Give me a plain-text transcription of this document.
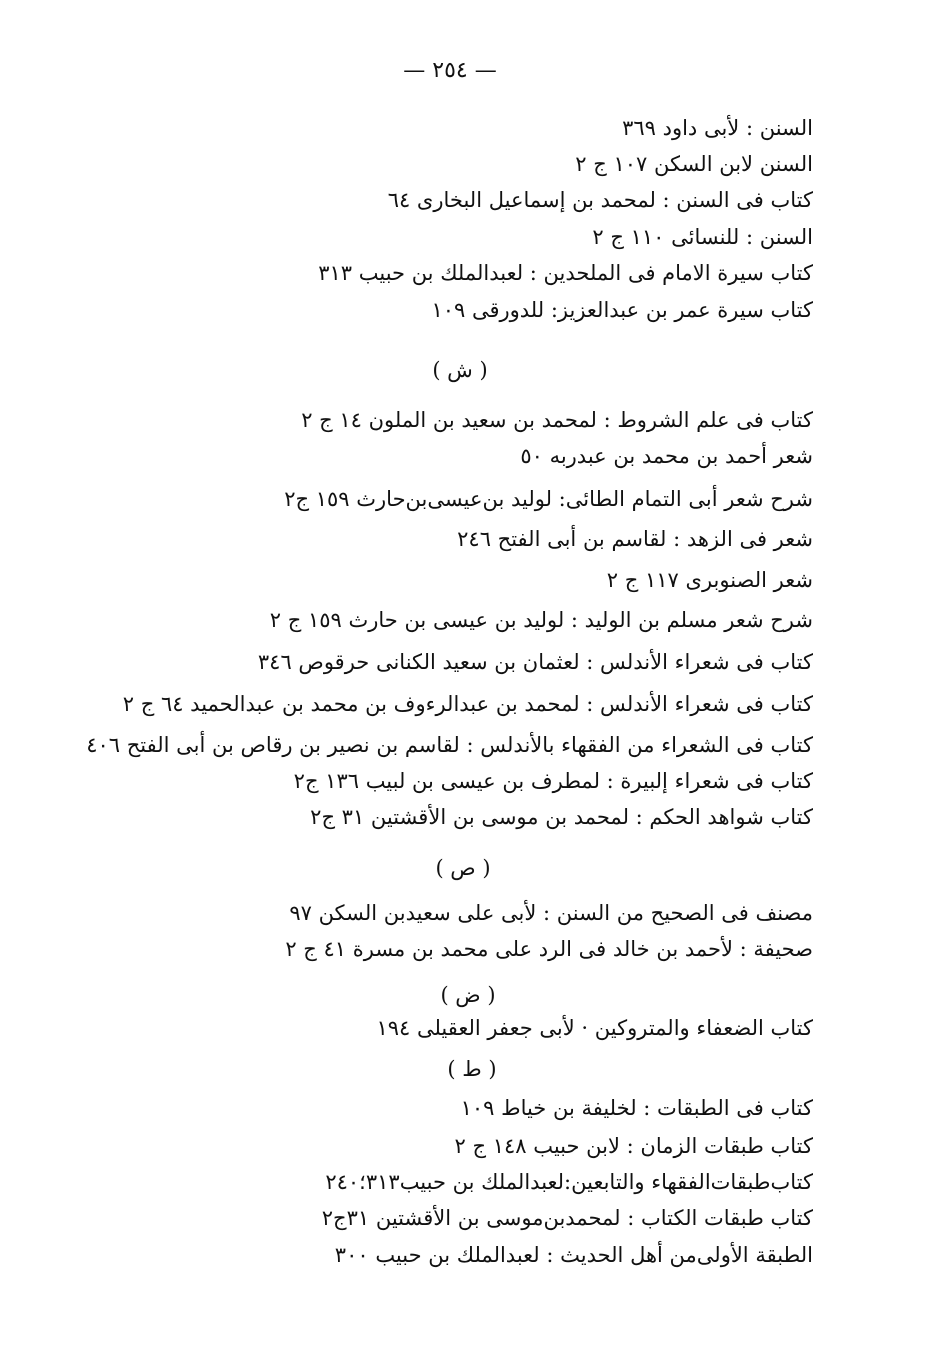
— ٢٥٤ —
السنن : لأبى داود ٣٦٩
السنن لابن السكن ١٠٧ ج ٢
كتاب فى السنن : لمحمد بن إسماعيل البخارى ٦٤
السنن : للنسائى ١١٠ ج ٢
كتاب سيرة الامام فى الملحدين : لعبدالملك بن حبيب ٣١٣
كتاب سيرة عمر بن عبدالعزيز: للدورقى ١٠٩
( ش )
كتاب فى علم الشروط : لمحمد بن سعيد بن الملون ١٤ ج ٢
شعر أحمد بن محمد بن عبدربه ٥٠
شرح شعر أبى التمام الطائى: لوليد بن‌عيسى‌بن‌حارث ١٥٩ ج٢
شعر فى الزهد : لقاسم بن أبى الفتح ٢٤٦
شعر الصنوبرى ١١٧ ج ٢
شرح شعر مسلم بن الوليد : لوليد بن عيسى بن حارث ١٥٩ ج ٢
كتاب فى شعراء الأندلس : لعثمان بن سعيد الكنانى حرقوص ٣٤٦
كتاب فى شعراء الأندلس : لمحمد بن عبدالرءوف بن محمد بن عبدالحميد ٦٤ ج ٢
كتاب فى الشعراء من الفقهاء بالأندلس : لقاسم بن نصير بن رقاص بن أبى الفتح ٤٠٦
كتاب فى شعراء إلبيرة : لمطرف بن عيسى بن لبيب ١٣٦ ج٢
كتاب شواهد الحكم : لمحمد بن موسى بن الأقشتين ٣١ ج٢
( ص )
مصنف فى الصحيح من السنن : لأبى على سعيدبن السكن ٩٧
صحيفة : لأحمد بن خالد فى الرد على محمد بن مسرة ٤١ ج ٢
( ض )
كتاب الضعفاء والمتروكين · لأبى جعفر العقيلى ١٩٤
( ط )
كتاب فى الطبقات : لخليفة بن خياط ١٠٩
كتاب طبقات الزمان : لابن حبيب ١٤٨ ج ٢
كتاب‌طبقات‌الفقهاء والتابعين:لعبدالملك بن حبيب٣١٣؛٢٤٠
كتاب طبقات الكتاب : لمحمدبن‌موسى بن الأقشتين ٣١ج٢
الطبقة الأولى‌من أهل الحديث : لعبدالملك بن حبيب ٣٠٠
